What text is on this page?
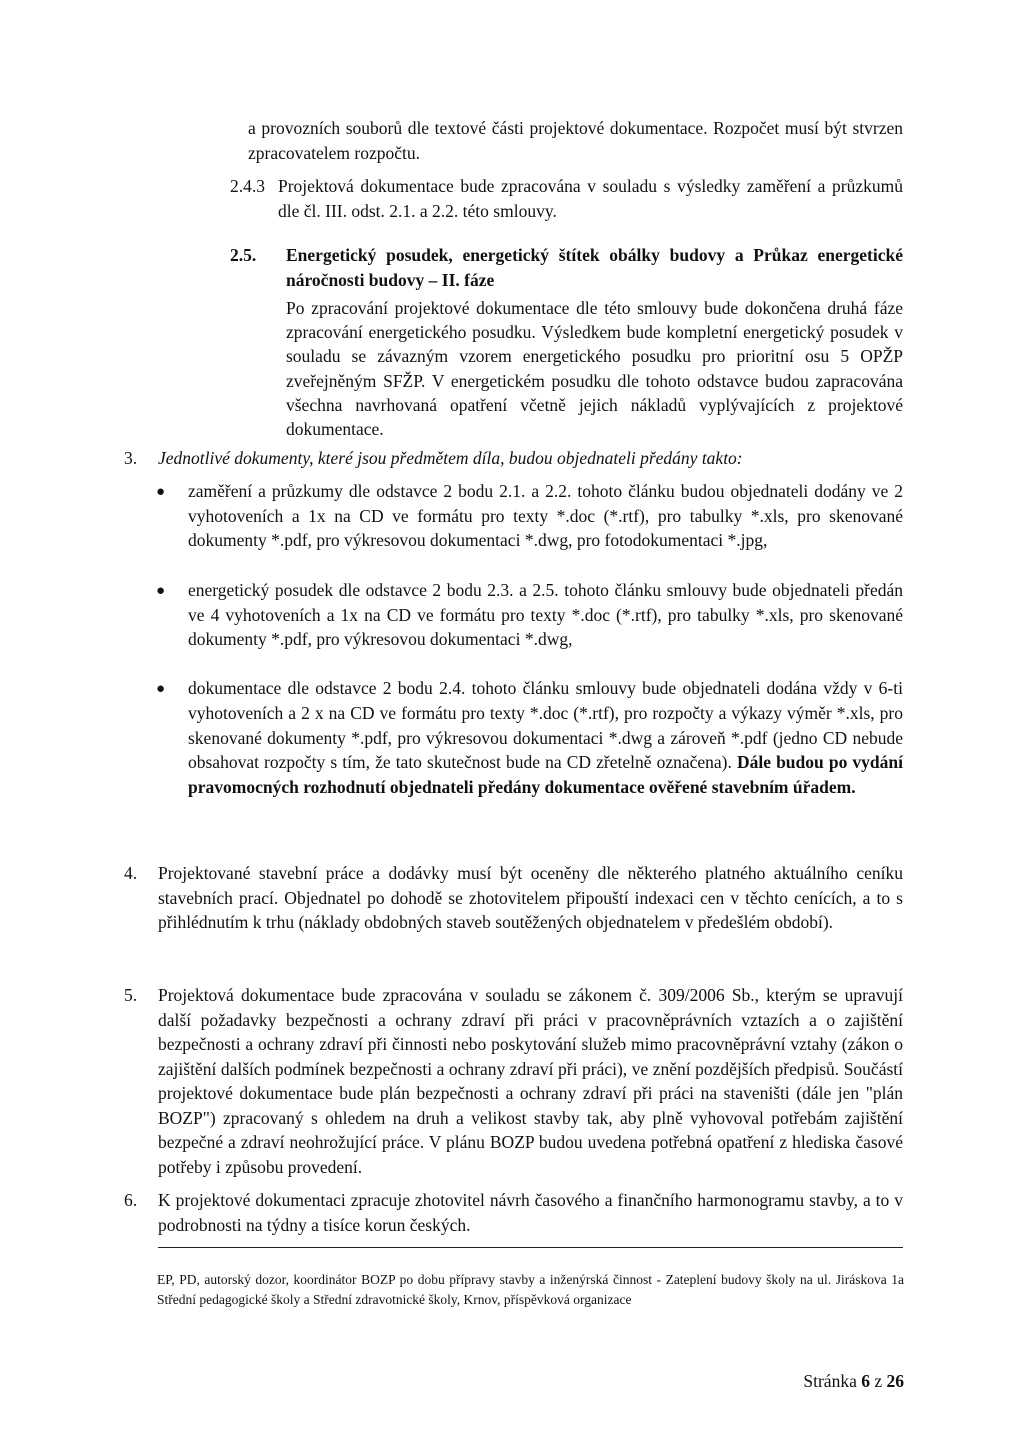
a provozních souborů dle textové části projektové dokumentace. Rozpočet musí být stvrzen zpracovatelem rozpočtu.

2.4.3 Projektová dokumentace bude zpracována v souladu s výsledky zaměření a průzkumů dle čl. III. odst. 2.1. a 2.2. této smlouvy.

2.5. Energetický posudek, energetický štítek obálky budovy a Průkaz energetické náročnosti budovy – II. fáze

Po zpracování projektové dokumentace dle této smlouvy bude dokončena druhá fáze zpracování energetického posudku. Výsledkem bude kompletní energetický posudek v souladu se závazným vzorem energetického posudku pro prioritní osu 5 OPŽP zveřejněným SFŽP. V energetickém posudku dle tohoto odstavce budou zapracována všechna navrhovaná opatření včetně jejich nákladů vyplývajících z projektové dokumentace.

3. Jednotlivé dokumenty, které jsou předmětem díla, budou objednateli předány takto:

● zaměření a průzkumy dle odstavce 2 bodu 2.1. a 2.2. tohoto článku budou objednateli dodány ve 2 vyhotoveních a 1x na CD ve formátu pro texty *.doc (*.rtf), pro tabulky *.xls, pro skenované dokumenty *.pdf, pro výkresovou dokumentaci *.dwg, pro fotodokumentaci *.jpg,

● energetický posudek dle odstavce 2 bodu 2.3. a 2.5. tohoto článku smlouvy bude objednateli předán ve 4 vyhotoveních a 1x na CD ve formátu pro texty *.doc (*.rtf), pro tabulky *.xls, pro skenované dokumenty *.pdf, pro výkresovou dokumentaci *.dwg,

● dokumentace dle odstavce 2 bodu 2.4. tohoto článku smlouvy bude objednateli dodána vždy v 6-ti vyhotoveních a 2 x na CD ve formátu pro texty *.doc (*.rtf), pro rozpočty a výkazy výměr *.xls, pro skenované dokumenty *.pdf, pro výkresovou dokumentaci *.dwg a zároveň *.pdf (jedno CD nebude obsahovat rozpočty s tím, že tato skutečnost bude na CD zřetelně označena). Dále budou po vydání pravomocných rozhodnutí objednateli předány dokumentace ověřené stavebním úřadem.

4. Projektované stavební práce a dodávky musí být oceněny dle některého platného aktuálního ceníku stavebních prací. Objednatel po dohodě se zhotovitelem připouští indexaci cen v těchto cenících, a to s přihlédnutím k trhu (náklady obdobných staveb soutěžených objednatelem v předešlém období).

5. Projektová dokumentace bude zpracována v souladu se zákonem č. 309/2006 Sb., kterým se upravují další požadavky bezpečnosti a ochrany zdraví při práci v pracovněprávních vztazích a o zajištění bezpečnosti a ochrany zdraví při činnosti nebo poskytování služeb mimo pracovněprávní vztahy (zákon o zajištění dalších podmínek bezpečnosti a ochrany zdraví při práci), ve znění pozdějších předpisů. Součástí projektové dokumentace bude plán bezpečnosti a ochrany zdraví při práci na staveništi (dále jen "plán BOZP") zpracovaný s ohledem na druh a velikost stavby tak, aby plně vyhovoval potřebám zajištění bezpečné a zdraví neohrožující práce. V plánu BOZP budou uvedena potřebná opatření z hlediska časové potřeby i způsobu provedení.

6. K projektové dokumentaci zpracuje zhotovitel návrh časového a finančního harmonogramu stavby, a to v podrobnosti na týdny a tisíce korun českých.

EP, PD, autorský dozor, koordinátor BOZP po dobu přípravy stavby a inženýrská činnost - Zateplení budovy školy na ul. Jiráskova 1a Střední pedagogické školy a Střední zdravotnické školy, Krnov, příspěvková organizace

Stránka 6 z 26
